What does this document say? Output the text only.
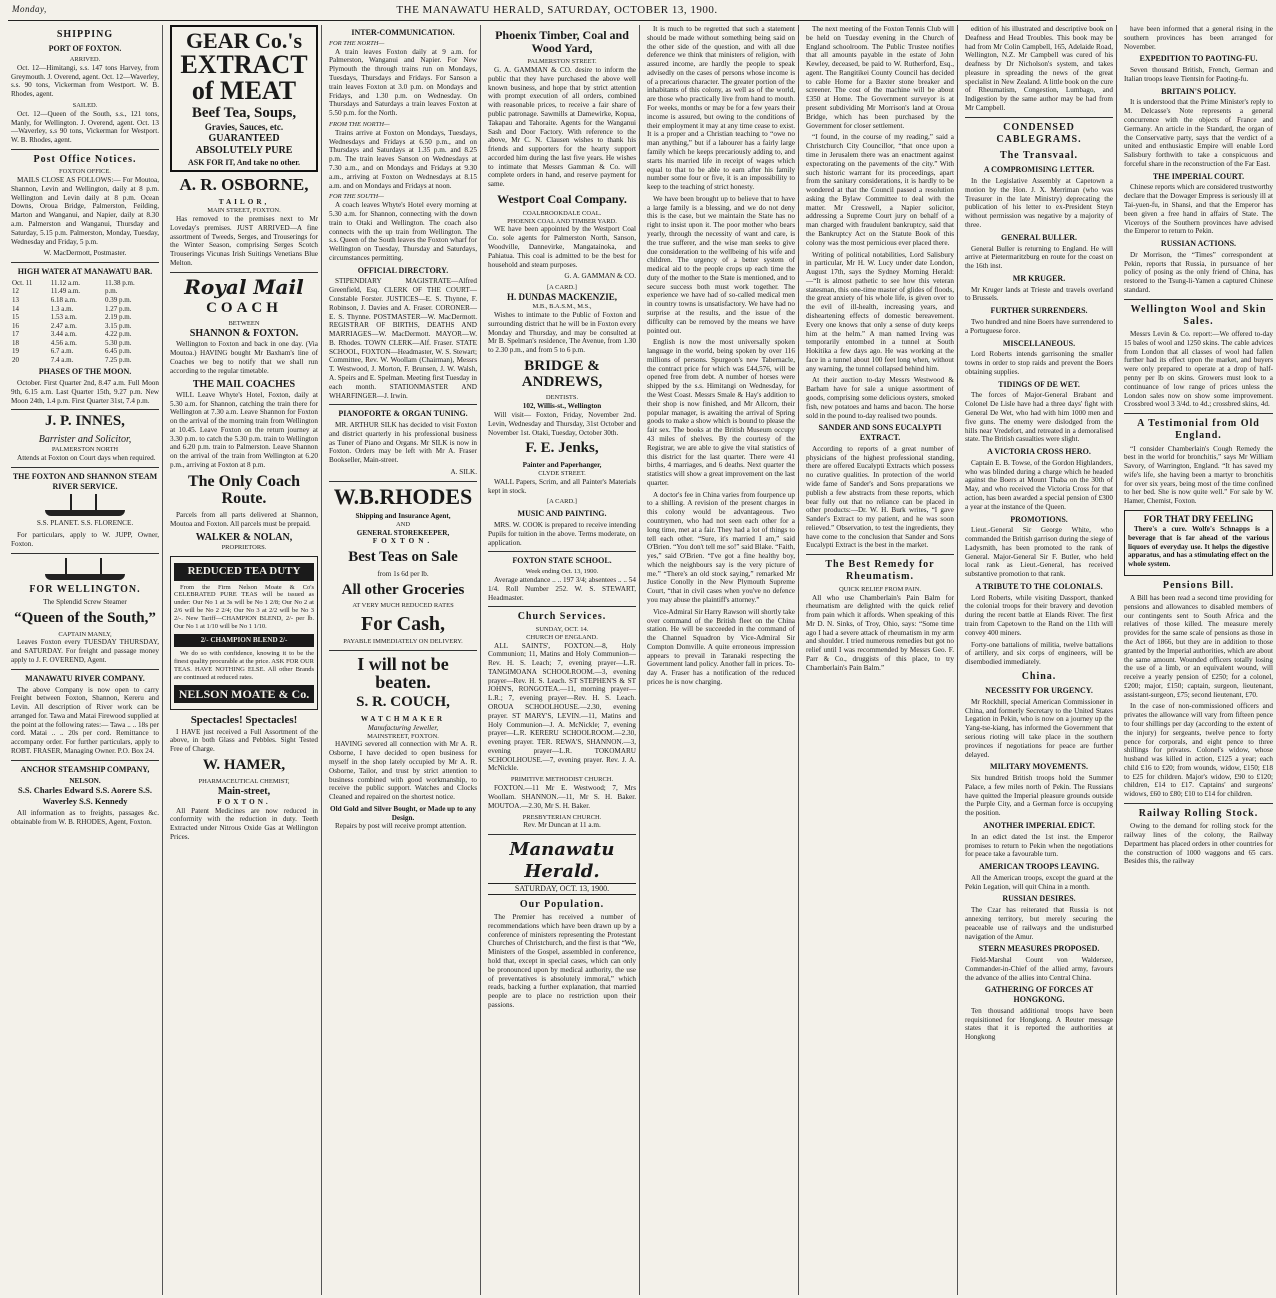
Monday,	THE MANAWATU HERALD, SATURDAY, OCTOBER 13, 1900.
SHIPPING
PORT OF FOXTON.
ARRIVED.

Oct. 12—Himitangi, s.s. 147 tons Harvey, from Greymouth. J. Overend, agent. Oct. 12—Waverley, s.s. 90 tons, Vickerman from Westport. W. B. Rhodes, agent.

SAILED.

Oct. 12—Queen of the South, s.s., 121 tons, Manly, for Wellington. J. Overend, agent. Oct. 13—Waverley, s.s 90 tons, Vickerman for Westport. W. B. Rhodes, agent.

Post Office Notices.
FOXTON OFFICE.

MAILS CLOSE AS FOLLOWS:— For Moutoa, Shannon, Levin and Wellington, daily at 8 p.m. Wellington and Levin daily at 8 p.m. Ocean Downs, Oroua Bridge, Palmerston, Feilding, Marton and Wanganui, and Napier, daily at 8.30 a.m. Palmerston and Wanganui, Thursday and Saturday, 5.15 p.m. Palmerston, Monday, Tuesday, Wednesday and Friday, 5 p.m.

W. MacDermott, Postmaster.

HIGH WATER AT MANAWATU BAR.
Oct. 11	11.12 a.m.	11.38 p.m.
12	11.49 a.m.	p.m.
13	6.18 a.m.	0.39 p.m.
14	1.3 a.m.	1.27 p.m.
15	1.53 a.m.	2.19 p.m.
16	2.47 a.m.	3.15 p.m.
17	3.44 a.m.	4.22 p.m.
18	4.56 a.m.	5.30 p.m.
19	6.7 a.m.	6.45 p.m.
20	7.4 a.m.	7.25 p.m.
PHASES OF THE MOON.

October. First Quarter 2nd, 8.47 a.m. Full Moon 9th, 6.15 a.m. Last Quarter 15th, 9.27 p.m. New Moon 24th, 1.4 p.m. First Quarter 31st, 7.4 p.m.

J. P. INNES,
Barrister and Solicitor,
PALMERSTON NORTH

Attends at Foxton on Court days when required.

THE FOXTON AND SHANNON STEAM RIVER SERVICE.

S.S. PLANET. S.S. FLORENCE.

For particulars, apply to W. JUPP, Owner, Foxton.

FOR WELLINGTON.
The Splendid Screw Steamer
“Queen of the South,”
CAPTAIN MANLY,

Leaves Foxton every TUESDAY THURSDAY, and SATURDAY. For freight and passage money apply to J. F. OVEREND, Agent.

MANAWATU RIVER COMPANY.

The above Company is now open to carry Freight between Foxton, Shannon, Kereru and Levin. All description of River work can be arranged for. Tawa and Matai Firewood supplied at the point at the following rates:— Tawa .. .. 18s per cord. Matai .. .. 20s per cord. Remittance to accompany order. For further particulars, apply to ROBT. FRASER, Managing Owner. P.O. Box 24.

ANCHOR STEAMSHIP COMPANY,
NELSON.

S.S. Charles Edward S.S. Aorere S.S. Waverley S.S. Kennedy

All information as to freights, passages &c. obtainable from W. B. RHODES, Agent, Foxton.

GEAR Co.'s
EXTRACT of MEAT
Beef Tea, Soups,
Gravies, Sauces, etc.
GUARANTEED ABSOLUTELY PURE
ASK FOR IT, And take no other.
A. R. OSBORNE,
TAILOR,
MAIN STREET, FOXTON.

Has removed to the premises next to Mr Loveday's premises. JUST ARRIVED—A fine assortment of Tweeds, Serges, and Trouserings for the Winter Season, comprising Serges Scotch Trouserings Vicunas Irish Suitings Venetians Blue Melton.

Royal Mail
COACH
BETWEEN
SHANNON & FOXTON.

Wellington to Foxton and back in one day. (Via Moutoa.) HAVING bought Mr Baxham's line of Coaches we beg to notify that we shall run according to the regular timetable.

THE MAIL COACHES

WILL Leave Whyte's Hotel, Foxton, daily at 5.30 a.m. for Shannon, catching the train there for Wellington at 7.30 a.m. Leave Shannon for Foxton on the arrival of the morning train from Wellington at 10.45. Leave Foxton on the return journey at 3.30 p.m. to catch the 5.30 p.m. train to Wellington and 6.20 p.m. train to Palmerston. Leave Shannon on the arrival of the train from Wellington at 6.20 p.m., arriving at Foxton at 8 p.m.

The Only Coach Route.

Parcels from all parts delivered at Shannon, Moutoa and Foxton. All parcels must be prepaid.

WALKER & NOLAN,
PROPRIETORS.
REDUCED TEA DUTY

From the Firm Nelson Moate & Co's CELEBRATED PURE TEAS will be issued as under: Our No 1 at 3s will be No 1 2/8; Our No 2 at 2/6 will be No 2 2/4; Our No 3 at 2/2 will be No 3 2/-. New Tariff—CHAMPION BLEND, 2/- per lb. Our No 1 at 1/10 will be No 1 1/10.

2/- CHAMPION BLEND 2/-

We do so with confidence, knowing it to be the finest quality procurable at the price. ASK FOR OUR TEAS. HAVE NOTHING ELSE. All other Brands are continued at reduced rates.

NELSON MOATE & Co.
Spectacles! Spectacles!

I HAVE just received a Full Assortment of the above, in both Glass and Pebbles. Sight Tested Free of Charge.

W. HAMER,
PHARMACEUTICAL CHEMIST,
Main-street,
FOXTON.

All Patent Medicines are now reduced in conformity with the reduction in duty. Teeth Extracted under Nitrous Oxide Gas at Wellington Prices.

INTER-COMMUNICATION.
FOR THE NORTH—

A train leaves Foxton daily at 9 a.m. for Palmerston, Wanganui and Napier. For New Plymouth the through trains run on Mondays, Tuesdays, Thursdays and Fridays. For Sanson a train leaves Foxton at 3.0 p.m. on Mondays and Fridays, and 1.30 p.m. on Wednesday. On Thursdays and Saturdays a train leaves Foxton at 5.50 p.m. for the North.

FROM THE NORTH—

Trains arrive at Foxton on Mondays, Tuesdays, Wednesdays and Fridays at 6.50 p.m., and on Thursdays and Saturdays at 1.35 p.m. and 8.25 p.m. The train leaves Sanson on Wednesdays at 7.30 a.m., and on Mondays and Fridays at 9.30 a.m., arriving at Foxton on Wednesdays at 8.15 a.m. and on Mondays and Fridays at noon.

FOR THE SOUTH—

A coach leaves Whyte's Hotel every morning at 5.30 a.m. for Shannon, connecting with the down train to Otaki and Wellington. The coach also connects with the up train from Wellington. The s.s. Queen of the South leaves the Foxton wharf for Wellington on Tuesday, Thursday and Saturdays, circumstances permitting.

OFFICIAL DIRECTORY.

STIPENDIARY MAGISTRATE—Alfred Greenfield, Esq. CLERK OF THE COURT—Constable Forster. JUSTICES—E. S. Thynne, F. Robinson, J. Davies and A. Fraser. CORONER—E. S. Thynne. POSTMASTER—W. MacDermott. REGISTRAR OF BIRTHS, DEATHS AND MARRIAGES—W. MacDermott. MAYOR—W. B. Rhodes. TOWN CLERK—Alf. Fraser. STATE SCHOOL, FOXTON—Headmaster, W. S. Stewart; Committee, Rev. W. Woollam (Chairman), Messrs T. Westwood, J. Morton, F. Brunsen, J. W. Walsh, A. Speirs and E. Spelman. Meeting first Tuesday in each month. STATIONMASTER AND WHARFINGER—J. Irwin.

PIANOFORTE & ORGAN TUNING.

MR. ARTHUR SILK has decided to visit Foxton and district quarterly in his professional business as Tuner of Piano and Organs. Mr SILK is now in Foxton. Orders may be left with Mr A. Fraser Bookseller, Main-street.

A. SILK.

W.B.RHODES
Shipping and Insurance Agent,
AND
GENERAL STOREKEEPER,
FOXTON.
Best Teas on Sale
from 1s 6d per lb.
All other Groceries
AT VERY MUCH REDUCED RATES
For Cash,
PAYABLE IMMEDIATELY ON DELIVERY.
I will not be beaten.
S. R. COUCH,
WATCHMAKER
Manufacturing Jeweller,
MAINSTREET, FOXTON.

HAVING severed all connection with Mr A. R. Osborne, I have decided to open business for myself in the shop lately occupied by Mr A. R. Osborne, Tailor, and trust by strict attention to business combined with good workmanship, to receive the public support. Watches and Clocks Cleaned and repaired on the shortest notice.

Old Gold and Silver Bought, or Made up to any Design.

Repairs by post will receive prompt attention.

Phoenix Timber, Coal and Wood Yard,
PALMERSTON STREET.

G. A. GAMMAN & CO. desire to inform the public that they have purchased the above well known business, and hope that by strict attention with prompt execution of all orders, combined with reasonable prices, to receive a fair share of public patronage. Sawmills at Damewirke, Kopua, Takapau and Tahoraite. Agents for the Wanganui Sash and Door Factory. With reference to the above, Mr C. N. Clausen wishes to thank his friends and supporters for the hearty support accorded him during the last five years. He wishes to intimate that Messrs Gamman & Co. will complete orders in hand, and reserve payment for same.

Westport Coal Company.
COALBROOKDALE COAL.
PHOENIX COAL AND TIMBER YARD.

WE have been appointed by the Westport Coal Co. sole agents for Palmerston North, Sanson, Woodville, Dannevirke, Mangatainoka, and Pahiatua. This coal is admitted to be the best for household and steam purposes.

G. A. GAMMAN & CO.

[A CARD.]
H. DUNDAS MACKENZIE,
M.B., B.A.S.M., M.S.,

Wishes to intimate to the Public of Foxton and surrounding district that he will be in Foxton every Monday and Thursday, and may be consulted at Mr B. Spelman's residence, The Avenue, from 1.30 to 2.30 p.m., and from 5 to 6 p.m.

BRIDGE & ANDREWS,
DENTISTS.
102, Willis-st., Wellington

Will visit— Foxton, Friday, November 2nd. Levin, Wednesday and Thursday, 31st October and November 1st. Otaki, Tuesday, October 30th.

F. E. Jenks,
Painter and Paperhanger,
CLYDE STREET.

WALL Papers, Scrim, and all Painter's Materials kept in stock.

[A CARD.]
MUSIC AND PAINTING.

MRS. W. COOK is prepared to receive intending Pupils for tuition in the above. Terms moderate, on application.

FOXTON STATE SCHOOL.
Week ending Oct. 13, 1900.

Average attendance .. .. 197 3/4; absentees .. .. 54 1/4. Roll Number 252. W. S. STEWART, Headmaster.

Church Services.
SUNDAY, OCT. 14.
CHURCH OF ENGLAND.

ALL SAINTS', FOXTON.—8, Holy Communion; 11, Matins and Holy Communion—Rev. H. S. Leach; 7, evening prayer—L.R. TANGIMOANA SCHOOLROOM.—3, evening prayer—Rev. H. S. Leach. ST STEPHEN'S & ST JOHN'S, RONGOTEA.—11, morning prayer—L.R.; 7, evening prayer—Rev. H. S. Leach. OROUA SCHOOLHOUSE.—2.30, evening prayer. ST MARY'S, LEVIN.—11, Matins and Holy Communion—J. A. McNickle; 7, evening prayer—L.R. KERERU SCHOOLROOM.—2.30, evening prayer. TER. REWA'S, SHANNON.—3, evening prayer—L.R. TOKOMARU SCHOOLHOUSE.—7, evening prayer. Rev. J. A. McNickle.

PRIMITIVE METHODIST CHURCH.

FOXTON.—11 Mr E. Westwood; 7, Mrs Woollam. SHANNON.—11, Mr S. H. Baker. MOUTOA.—2.30, Mr S. H. Baker.

PRESBYTERIAN CHURCH.

Rev. Mr Duncan at 11 a.m.

Manawatu Herald.
SATURDAY, OCT. 13, 1900.
Our Population.

The Premier has received a number of recommendations which have been drawn up by a conference of ministers representing the Protestant Churches of Christchurch, and the first is that “We, Ministers of the Gospel, assembled in conference, hold that, except in special cases, which can only be pronounced upon by medical authority, the use of preventatives is absolutely immoral,” which reads, backing a further explanation, that married people are to place no restriction upon their passions.

It is much to be regretted that such a statement should be made without something being said on the other side of the question, and with all due deference we think that ministers of religion, with assured income, are hardly the people to speak advisedly on the cases of persons whose income is of a precarious character. The greater portion of the inhabitants of this colony, as well as of the world, are those who practically live from hand to mouth. For weeks, months or may be for a few years their income is assured, but owing to the conditions of their employment it may at any time cease to exist. It is a proper and a Christian teaching to “owe no man anything,” but if a labourer has a fairly large family which he keeps precariously adding to, and starts his married life in receipt of wages which equal to that to be able to earn after his family number some four or five, it is an impossibility to keep to the teaching of strict honesty.

We have been brought up to believe that to have a large family is a blessing, and we do not deny this is the case, but we maintain the State has no right to insist upon it. The poor mother who bears yearly, through the necessity of want and care, is the true sufferer, and the wise man seeks to give due consideration to the wellbeing of his wife and children. The urgency of a better system of medical aid to the people crops up each time the duty of the mother to the State is mentioned, and to secure success both must work together. The experience we have had of so-called medical men in country towns is unsatisfactory. We have had no surprise at the results, and the issue of the difficulty can be removed by the means we have pointed out.

English is now the most universally spoken language in the world, being spoken by over 116 millions of persons. Spurgeon's new Tabernacle, the contract price for which was £44,576, will be opened free from debt. A number of horses were shipped by the s.s. Himitangi on Wednesday, for the West Coast. Messrs Smale & Hay's addition to their shop is now finished, and Mr Allcorn, their popular manager, is awaiting the arrival of Spring goods to make a show which is bound to please the fair sex. The books at the British Museum occupy 43 miles of shelves. By the courtesy of the Registrar, we are able to give the vital statistics of this district for the last quarter. There were 41 births, 4 marriages, and 6 deaths. Next quarter the statistics will show a great improvement on the last quarter.

A doctor's fee in China varies from fourpence up to a shilling. A revision of the present charges in this colony would be advantageous. Two countrymen, who had not seen each other for a long time, met at a fair. They had a lot of things to tell each other. “Sure, it's married I am,” said O'Brien. “You don't tell me so!” said Blake. “Faith, yes,” said O'Brien. “I've got a fine healthy boy, which the neighbours say is the very picture of me.” “There's an old stock saying,” remarked Mr Justice Conolly in the New Plymouth Supreme Court, “that in civil cases when you've no defence you may abuse the plaintiff's attorney.”

Vice-Admiral Sir Harry Rawson will shortly take over command of the British fleet on the China station. He will be succeeded in the command of the Channel Squadron by Vice-Admiral Sir Compton Domville. A quite erroneous impression appears to prevail in Taranaki respecting the Government land policy. Another fall in prices. To-day A. Fraser has a notification of the reduced prices he is now charging.

The next meeting of the Foxton Tennis Club will be held on Tuesday evening in the Church of England schoolroom. The Public Trustee notifies that all amounts payable in the estate of John Kewley, deceased, be paid to W. Rutherford, Esq., agent. The Rangitikei County Council has decided to cable Home for a Baxter stone breaker and screener. The cost of the machine will be about £350 at Home. The Government surveyor is at present subdividing Mr Morrison's land at Oroua Bridge, which has been purchased by the Government for closer settlement.

“I found, in the course of my reading,” said a Christchurch City Councillor, “that once upon a time in Jerusalem there was an enactment against expectorating on the pavements of the city.” With such historic warrant for its proceedings, apart from the sanitary considerations, it is hardly to be wondered at that the Council passed a resolution asking the Bylaw Committee to deal with the matter. Mr Cresswell, a Napier solicitor, addressing a Supreme Court jury on behalf of a man charged with fraudulent bankruptcy, said that the Bankruptcy Act on the Statute Book of this colony was the most pernicious ever placed there.

Writing of political notabilities, Lord Salisbury in particular, Mr H. W. Lucy under date London, August 17th, says the Sydney Morning Herald:—“It is almost pathetic to see how this veteran statesman, this one-time master of glides of floods, the great anxiety of his whole life, is given over to the evil of ill-health, increasing years, and disheartening effects of domestic bereavement. Every one knows that only a sense of duty keeps him at the helm.” A man named Irving was temporarily entombed in a tunnel at South Hokitika a few days ago. He was working at the face in a tunnel about 100 feet long when, without any warning, the tunnel collapsed behind him.

At their auction to-day Messrs Westwood & Barham have for sale a unique assortment of goods, comprising some delicious oysters, smoked fish, new potatoes and hams and bacon. The horse sold in the pound to-day realised two pounds.

SANDER AND SONS EUCALYPTI EXTRACT.

According to reports of a great number of physicians of the highest professional standing, there are offered Eucalypti Extracts which possess no curative qualities. In protection of the world wide fame of Sander's and Sons preparations we publish a few abstracts from these reports, which bear fully out that no reliance can be placed in other products:—Dr. W. H. Burk writes, “I gave Sander's Extract to my patient, and he was soon relieved.” Observation, to test the ingredients, they have come to the conclusion that Sander and Sons Eucalypti Extract is the best in the market.

The Best Remedy for Rheumatism.
QUICK RELIEF FROM PAIN.

All who use Chamberlain's Pain Balm for rheumatism are delighted with the quick relief from pain which it affords. When speaking of this Mr D. N. Sinks, of Troy, Ohio, says: “Some time ago I had a severe attack of rheumatism in my arm and shoulder. I tried numerous remedies but got no relief until I was recommended by Messrs Geo. F. Parr & Co., druggists of this place, to try Chamberlain's Pain Balm.”

edition of his illustrated and descriptive book on Deafness and Head Troubles. This book may be had from Mr Colin Campbell, 165, Adelaide Road, Wellington, N.Z. Mr Campbell was cured of his deafness by Dr Nicholson's system, and takes pleasure in spreading the news of the great specialist in New Zealand. A little book on the cure of Rheumatism, Congestion, Lumbago, and Indigestion by the same author may be had from Mr Campbell.

CONDENSED CABLEGRAMS.
The Transvaal.
A COMPROMISING LETTER.

In the Legislative Assembly at Capetown a motion by the Hon. J. X. Merriman (who was Treasurer in the late Ministry) deprecating the publication of his letter to ex-President Steyn without permission was negative by a majority of three.

GENERAL BULLER.

General Buller is returning to England. He will arrive at Pietermaritzburg en route for the coast on the 16th inst.

MR KRUGER.

Mr Kruger lands at Trieste and travels overland to Brussels.

FURTHER SURRENDERS.

Two hundred and nine Boers have surrendered to a Portuguese force.

MISCELLANEOUS.

Lord Roberts intends garrisoning the smaller towns in order to stop raids and prevent the Boers obtaining supplies.

TIDINGS OF DE WET.

The forces of Major-General Brabant and Colonel De Lisle have had a three days' fight with General De Wet, who had with him 1000 men and five guns. The enemy were dislodged from the hills near Vredefort, and retreated in a demoralised state. The British casualties were slight.

A VICTORIA CROSS HERO.

Captain E. B. Towse, of the Gordon Highlanders, who was blinded during a charge which he headed against the Boers at Mount Thaba on the 30th of May, and who received the Victoria Cross for that action, has been awarded a special pension of £300 a year at the instance of the Queen.

PROMOTIONS.

Lieut.-General Sir George White, who commanded the British garrison during the siege of Ladysmith, has been promoted to the rank of General. Major-General Sir F. Butler, who held local rank as Lieut.-General, has received substantive promotion to that rank.

A TRIBUTE TO THE COLONIALS.

Lord Roberts, while visiting Dassport, thanked the colonial troops for their bravery and devotion during the recent battle at Elands River. The first train from Capetown to the Rand on the 11th will convey 400 miners.

Forty-one battalions of militia, twelve battalions of artillery, and six corps of engineers, will be disembodied immediately.

China.
NECESSITY FOR URGENCY.

Mr Rockhill, special American Commissioner in China, and formerly Secretary to the United States Legation in Pekin, who is now on a journey up the Yang-tse-kiang, has informed the Government that serious rioting will take place in the southern provinces if negotiations for peace are further delayed.

MILITARY MOVEMENTS.

Six hundred British troops hold the Summer Palace, a few miles north of Pekin. The Russians have quitted the Imperial pleasure grounds outside the Purple City, and a German force is occupying the position.

ANOTHER IMPERIAL EDICT.

In an edict dated the 1st inst. the Emperor promises to return to Pekin when the negotiations for peace take a favourable turn.

AMERICAN TROOPS LEAVING.

All the American troops, except the guard at the Pekin Legation, will quit China in a month.

RUSSIAN DESIRES.

The Czar has reiterated that Russia is not annexing territory, but merely securing the peaceable use of railways and the undisturbed navigation of the Amur.

STERN MEASURES PROPOSED.

Field-Marshal Count von Waldersee, Commander-in-Chief of the allied army, favours the advance of the allies into Central China.

GATHERING OF FORCES AT HONGKONG.

Ten thousand additional troops have been requisitioned for Hongkong. A Reuter message states that it is reported the authorities at Hongkong

have been informed that a general rising in the southern provinces has been arranged for November.

EXPEDITION TO PAOTING-FU.

Seven thousand British, French, German and Italian troops leave Tientsin for Paoting-fu.

BRITAIN'S POLICY.

It is understood that the Prime Minister's reply to M. Delcasse's Note represents a general concurrence with the objects of France and Germany. An article in the Standard, the organ of the Conservative party, says that the verdict of a united and enthusiastic Empire will enable Lord Salisbury forthwith to take a conspicuous and forceful share in the reconstruction of the Far East.

THE IMPERIAL COURT.

Chinese reports which are considered trustworthy declare that the Dowager Empress is seriously ill at Tai-yuen-fu, in Shansi, and that the Emperor has been given a free hand in affairs of State. The Viceroys of the Southern provinces have advised the Emperor to return to Pekin.

RUSSIAN ACTIONS.

Dr Morrison, the “Times” correspondent at Pekin, reports that Russia, in pursuance of her policy of posing as the only friend of China, has restored to the Tsung-li-Yamen a captured Chinese standard.

Wellington Wool and Skin Sales.

Messrs Levin & Co. report:—We offered to-day 15 bales of wool and 1250 skins. The cable advices from London that all classes of wool had fallen further had its effect upon the market, and buyers were only prepared to operate at a drop of half-penny per lb on skins. Growers must look to a continuance of low range of prices unless the London sales now on show some improvement. Crossbred wool 3 3/4d. to 4d.; crossbred skins, 4d.

A Testimonial from Old England.

“I consider Chamberlain's Cough Remedy the best in the world for bronchitis,” says Mr William Savory, of Warrington, England. “It has saved my wife's life, she having been a martyr to bronchitis for over six years, being most of the time confined to her bed. She is now quite well.” For sale by W. Hamer, Chemist, Foxton.

FOR THAT DRY FEELING

There's a cure. Wolfe's Schnapps is a beverage that is far ahead of the various liquors of everyday use. It helps the digestive apparatus, and has a stimulating effect on the whole system.

Pensions Bill.

A Bill has been read a second time providing for pensions and allowances to disabled members of our contingents sent to South Africa and the relatives of those killed. The measure merely provides for the same scale of pensions as those in the Act of 1866, but they are in addition to those granted by the Imperial authorities, which are about the same amount. Wounded officers totally losing the use of a limb, or an equivalent wound, will receive a yearly pension of £250; for a colonel, £200; major, £150; captain, surgeon, lieutenant, assistant-surgeon, £75; second lieutenant, £70.

In the case of non-commissioned officers and privates the allowance will vary from fifteen pence to four shillings per day (according to the extent of the injury) for sergeants, twelve pence to forty pence for corporals, and eight pence to three shillings for privates. Colonel's widow, whose husband was killed in action, £125 a year; each child £16 to £20; from wounds, widow, £150; £18 to £25 for children. Major's widow, £90 to £120; children, £14 to £17. Captains' and surgeons' widows, £60 to £80; £10 to £14 for children.

Railway Rolling Stock.

Owing to the demand for rolling stock for the railway lines of the colony, the Railway Department has placed orders in other countries for the construction of 1000 waggons and 65 cars. Besides this, the railway
